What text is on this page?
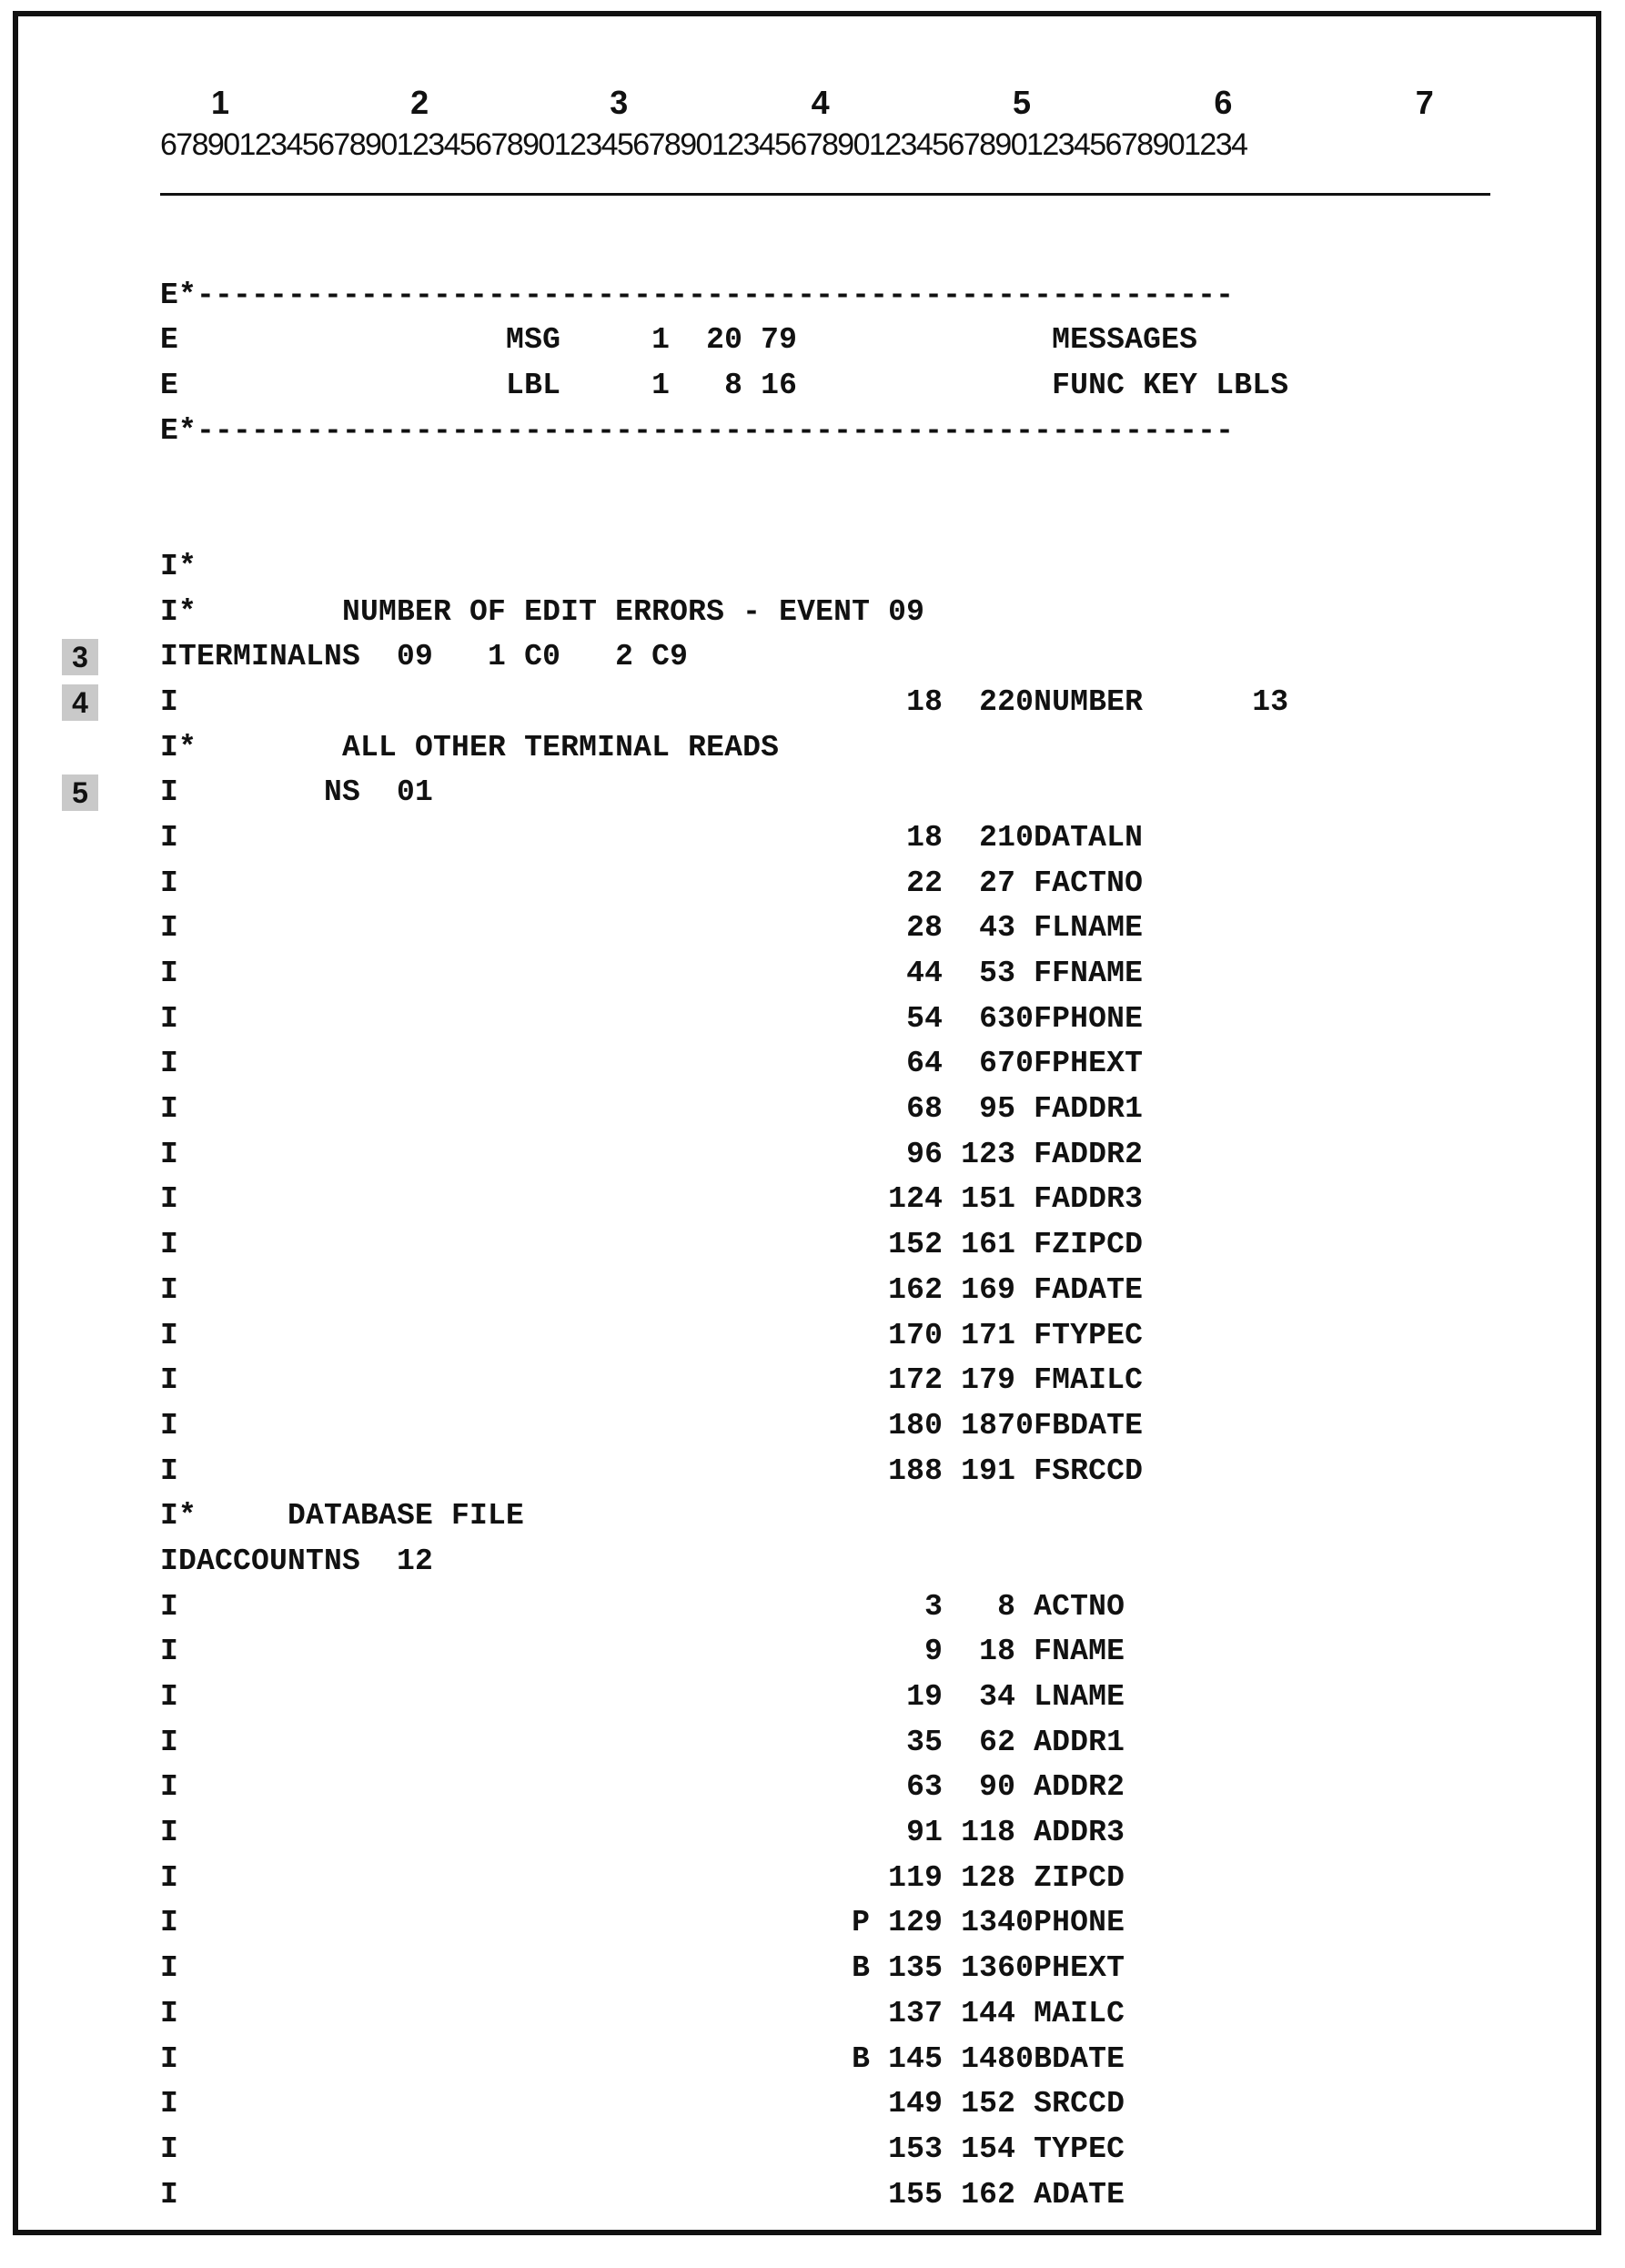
1	2	3	4	5	6	7
678901234567890123456789012345678901234567890123456789012345678901234
3
4
5
E*---------------------------------------------------------
E                  MSG     1  20 79              MESSAGES
E                  LBL     1   8 16              FUNC KEY LBLS
E*---------------------------------------------------------
I*
I*        NUMBER OF EDIT ERRORS - EVENT 09
ITERMINALNS  09   1 C0   2 C9
I                                        18  220NUMBER      13
I*        ALL OTHER TERMINAL READS
I        NS  01
I                                        18  210DATALN
I                                        22  27 FACTNO
I                                        28  43 FLNAME
I                                        44  53 FFNAME
I                                        54  630FPHONE
I                                        64  670FPHEXT
I                                        68  95 FADDR1
I                                        96 123 FADDR2
I                                       124 151 FADDR3
I                                       152 161 FZIPCD
I                                       162 169 FADATE
I                                       170 171 FTYPEC
I                                       172 179 FMAILC
I                                       180 1870FBDATE
I                                       188 191 FSRCCD
I*     DATABASE FILE
IDACCOUNTNS  12
I                                         3   8 ACTNO
I                                         9  18 FNAME
I                                        19  34 LNAME
I                                        35  62 ADDR1
I                                        63  90 ADDR2
I                                        91 118 ADDR3
I                                       119 128 ZIPCD
I                                     P 129 1340PHONE
I                                     B 135 1360PHEXT
I                                       137 144 MAILC
I                                     B 145 1480BDATE
I                                       149 152 SRCCD
I                                       153 154 TYPEC
I                                       155 162 ADATE
